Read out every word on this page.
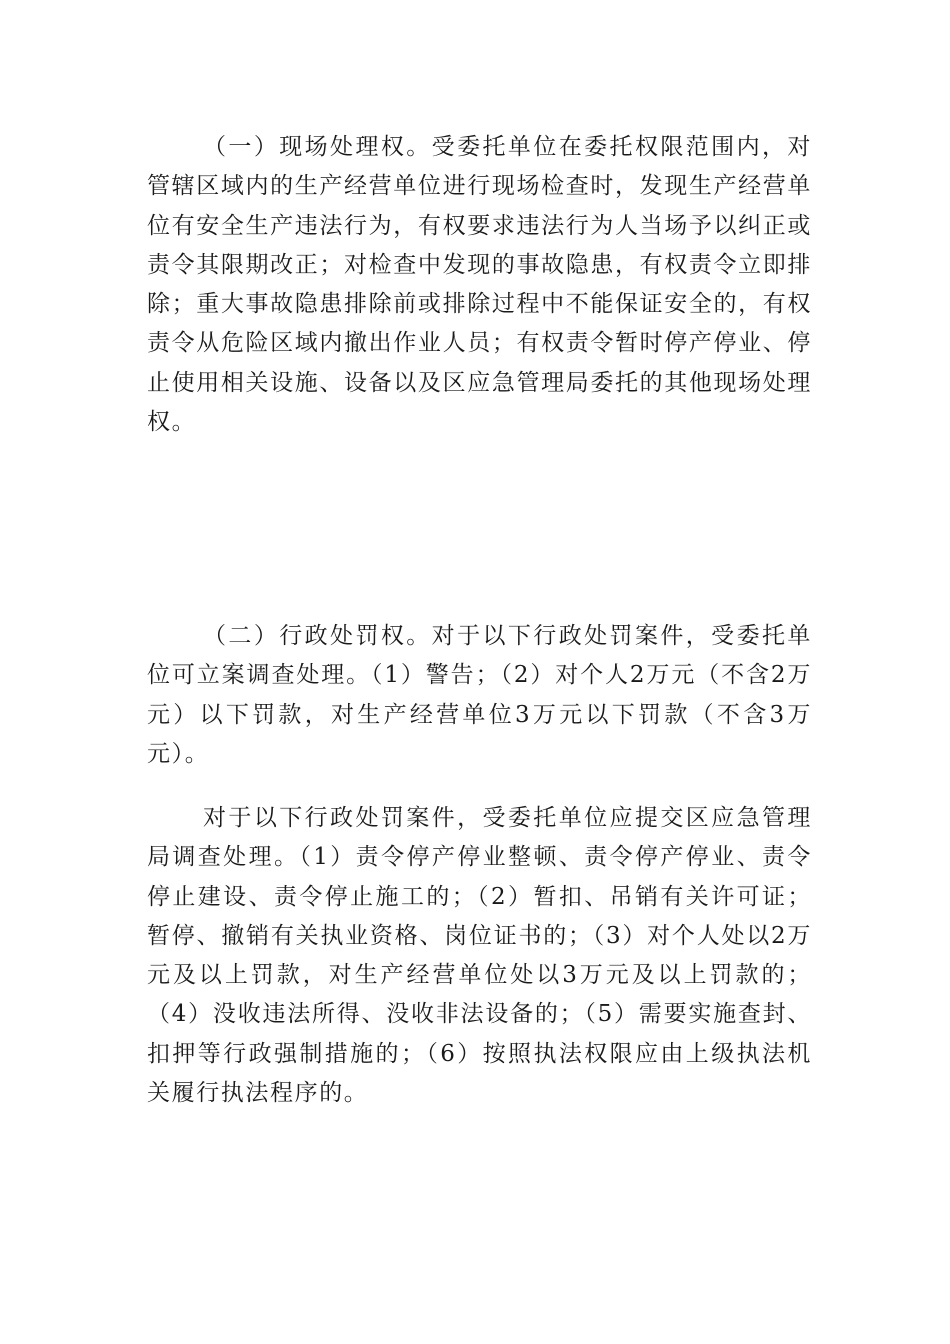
（一）现场处理权。受委托单位在委托权限范围内，对管辖区域内的生产经营单位进行现场检查时，发现生产经营单位有安全生产违法行为，有权要求违法行为人当场予以纠正或责令其限期改正；对检查中发现的事故隐患，有权责令立即排除；重大事故隐患排除前或排除过程中不能保证安全的，有权责令从危险区域内撤出作业人员；有权责令暂时停产停业、停止使用相关设施、设备以及区应急管理局委托的其他现场处理权。

（二）行政处罚权。对于以下行政处罚案件，受委托单位可立案调查处理。（1）警告；（2）对个人2万元（不含2万元）以下罚款，对生产经营单位3万元以下罚款（不含3万元）。

对于以下行政处罚案件，受委托单位应提交区应急管理局调查处理。（1）责令停产停业整顿、责令停产停业、责令停止建设、责令停止施工的；（2）暂扣、吊销有关许可证；暂停、撤销有关执业资格、岗位证书的；（3）对个人处以2万元及以上罚款，对生产经营单位处以3万元及以上罚款的；（4）没收违法所得、没收非法设备的；（5）需要实施查封、扣押等行政强制措施的；（6）按照执法权限应由上级执法机关履行执法程序的。
